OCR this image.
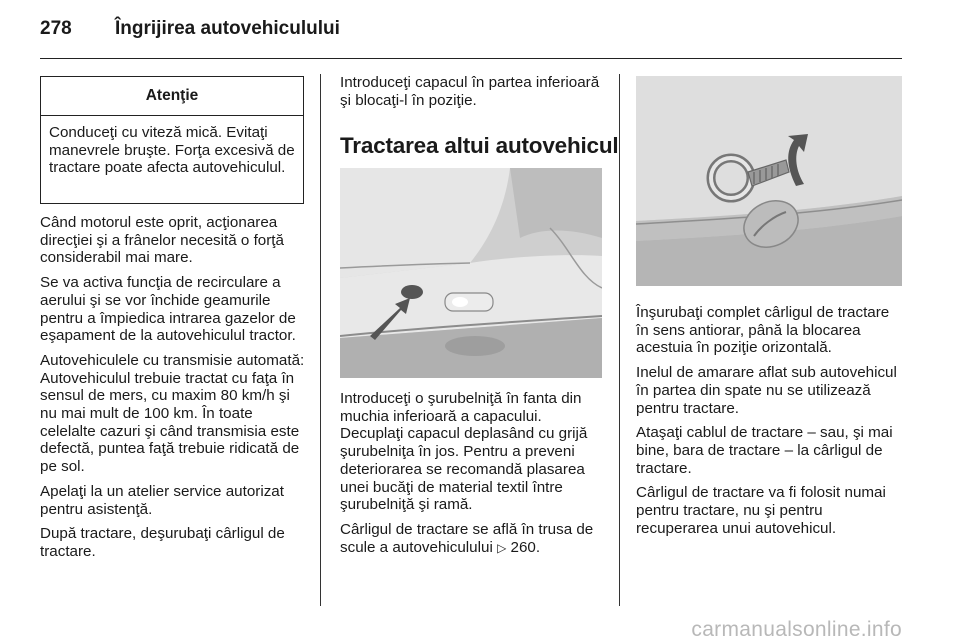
278 Îngrijirea autovehiculului
Atenţie
Conduceţi cu viteză mică. Evitaţi manevrele bruşte. Forţa excesivă de tractare poate afecta autovehiculul.

Când motorul este oprit, acţionarea direcţiei şi a frânelor necesită o forţă considerabil mai mare.

Se va activa funcţia de recirculare a aerului şi se vor închide geamurile pentru a împiedica intrarea gazelor de eşapament de la autovehiculul tractor.

Autovehiculele cu transmisie automată: Autovehiculul trebuie tractat cu faţa în sensul de mers, cu maxim 80 km/h şi nu mai mult de 100 km. În toate celelalte cazuri şi când transmisia este defectă, puntea faţă trebuie ridicată de pe sol.

Apelaţi la un atelier service autorizat pentru asistenţă.

După tractare, deşurubaţi cârligul de tractare.

Introduceţi capacul în partea inferioară şi blocaţi-l în poziţie.

Tractarea altui autovehicul

Introduceţi o şurubelniţă în fanta din muchia inferioară a capacului. Decuplaţi capacul deplasând cu grijă şurubelniţa în jos. Pentru a preveni deteriorarea se recomandă plasarea unei bucăţi de material textil între şurubelniţă şi ramă.

Cârligul de tractare se află în trusa de scule a autovehiculului ▷ 260.

Înşurubaţi complet cârligul de tractare în sens antiorar, până la blocarea acestuia în poziţie orizontală.

Inelul de amarare aflat sub autovehicul în partea din spate nu se utilizează pentru tractare.

Ataşaţi cablul de tractare – sau, şi mai bine, bara de tractare – la cârligul de tractare.

Cârligul de tractare va fi folosit numai pentru tractare, nu şi pentru recuperarea unui autovehicul.

carmanualsonline.info
